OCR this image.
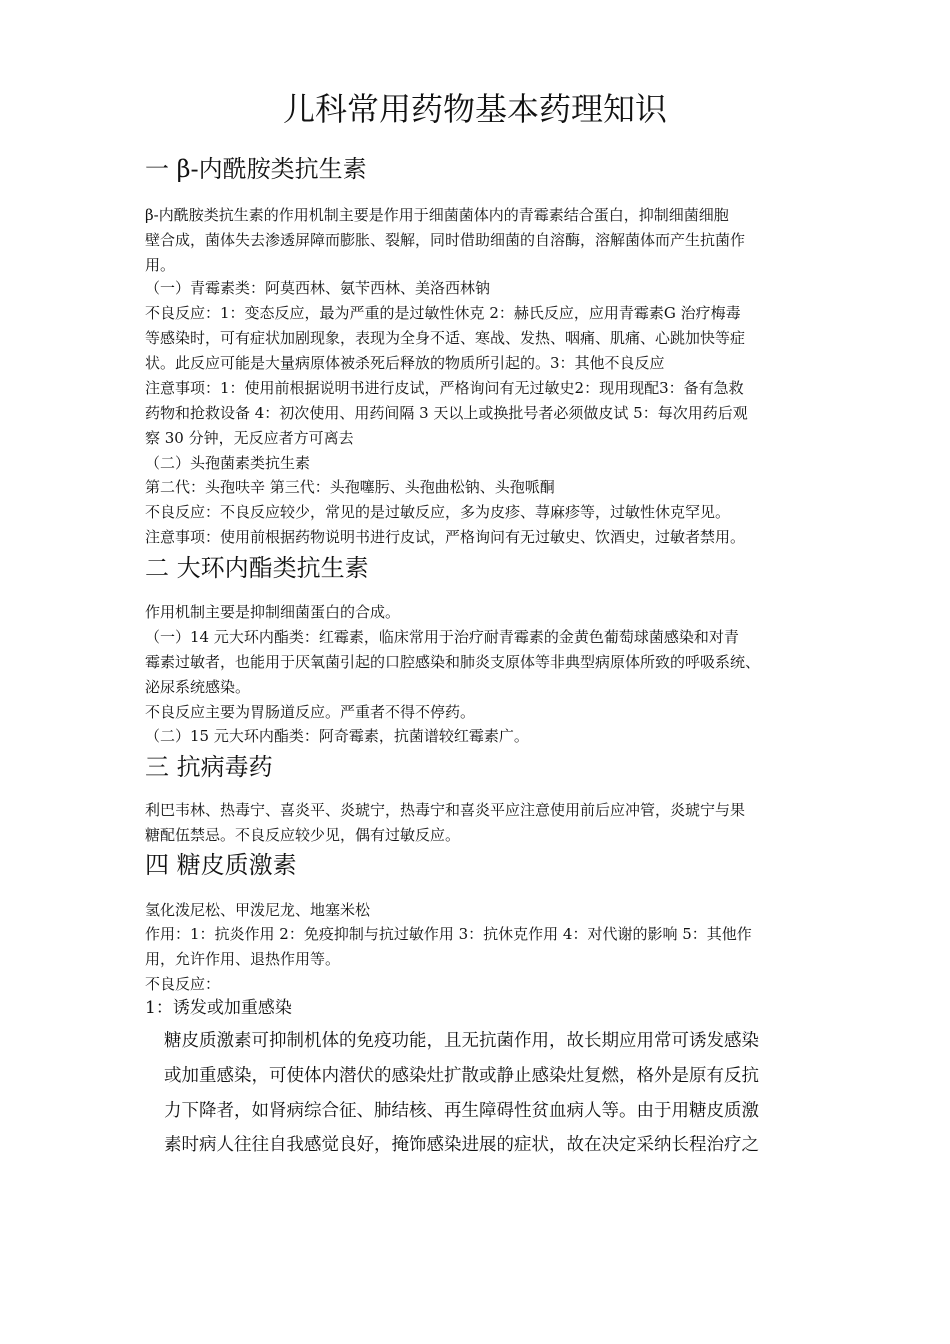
儿科常用药物基本药理知识
一 β-内酰胺类抗生素
β-内酰胺类抗生素的作用机制主要是作用于细菌菌体内的青霉素结合蛋白，抑制细菌细胞
壁合成，菌体失去渗透屏障而膨胀、裂解，同时借助细菌的自溶酶，溶解菌体而产生抗菌作
用。
（一）青霉素类：阿莫西林、氨苄西林、美洛西林钠
不良反应：1：变态反应，最为严重的是过敏性休克 2：赫氏反应，应用青霉素G 治疗梅毒
等感染时，可有症状加剧现象，表现为全身不适、寒战、发热、咽痛、肌痛、心跳加快等症
状。此反应可能是大量病原体被杀死后释放的物质所引起的。3：其他不良反应
注意事项：1：使用前根据说明书进行皮试，严格询问有无过敏史2：现用现配3：备有急救
药物和抢救设备 4：初次使用、用药间隔 3 天以上或换批号者必须做皮试 5：每次用药后观
察 30 分钟，无反应者方可离去
（二）头孢菌素类抗生素
第二代：头孢呋辛 第三代：头孢噻肟、头孢曲松钠、头孢哌酮
不良反应：不良反应较少，常见的是过敏反应，多为皮疹、荨麻疹等，过敏性休克罕见。
注意事项：使用前根据药物说明书进行皮试，严格询问有无过敏史、饮酒史，过敏者禁用。
二 大环内酯类抗生素
作用机制主要是抑制细菌蛋白的合成。
（一）14 元大环内酯类：红霉素，临床常用于治疗耐青霉素的金黄色葡萄球菌感染和对青
霉素过敏者，也能用于厌氧菌引起的口腔感染和肺炎支原体等非典型病原体所致的呼吸系统、
泌尿系统感染。
不良反应主要为胃肠道反应。严重者不得不停药。
（二）15 元大环内酯类：阿奇霉素，抗菌谱较红霉素广。
三 抗病毒药
利巴韦林、热毒宁、喜炎平、炎琥宁，热毒宁和喜炎平应注意使用前后应冲管，炎琥宁与果
糖配伍禁忌。不良反应较少见，偶有过敏反应。
四 糖皮质激素
氢化泼尼松、甲泼尼龙、地塞米松
作用：1：抗炎作用 2：免疫抑制与抗过敏作用 3：抗休克作用 4：对代谢的影响 5：其他作
用，允许作用、退热作用等。
不良反应：
1：诱发或加重感染
糖皮质激素可抑制机体的免疫功能，且无抗菌作用，故长期应用常可诱发感染
或加重感染，可使体内潜伏的感染灶扩散或静止感染灶复燃，格外是原有反抗
力下降者，如肾病综合征、肺结核、再生障碍性贫血病人等。由于用糖皮质激
素时病人往往自我感觉良好，掩饰感染进展的症状，故在决定采纳长程治疗之
